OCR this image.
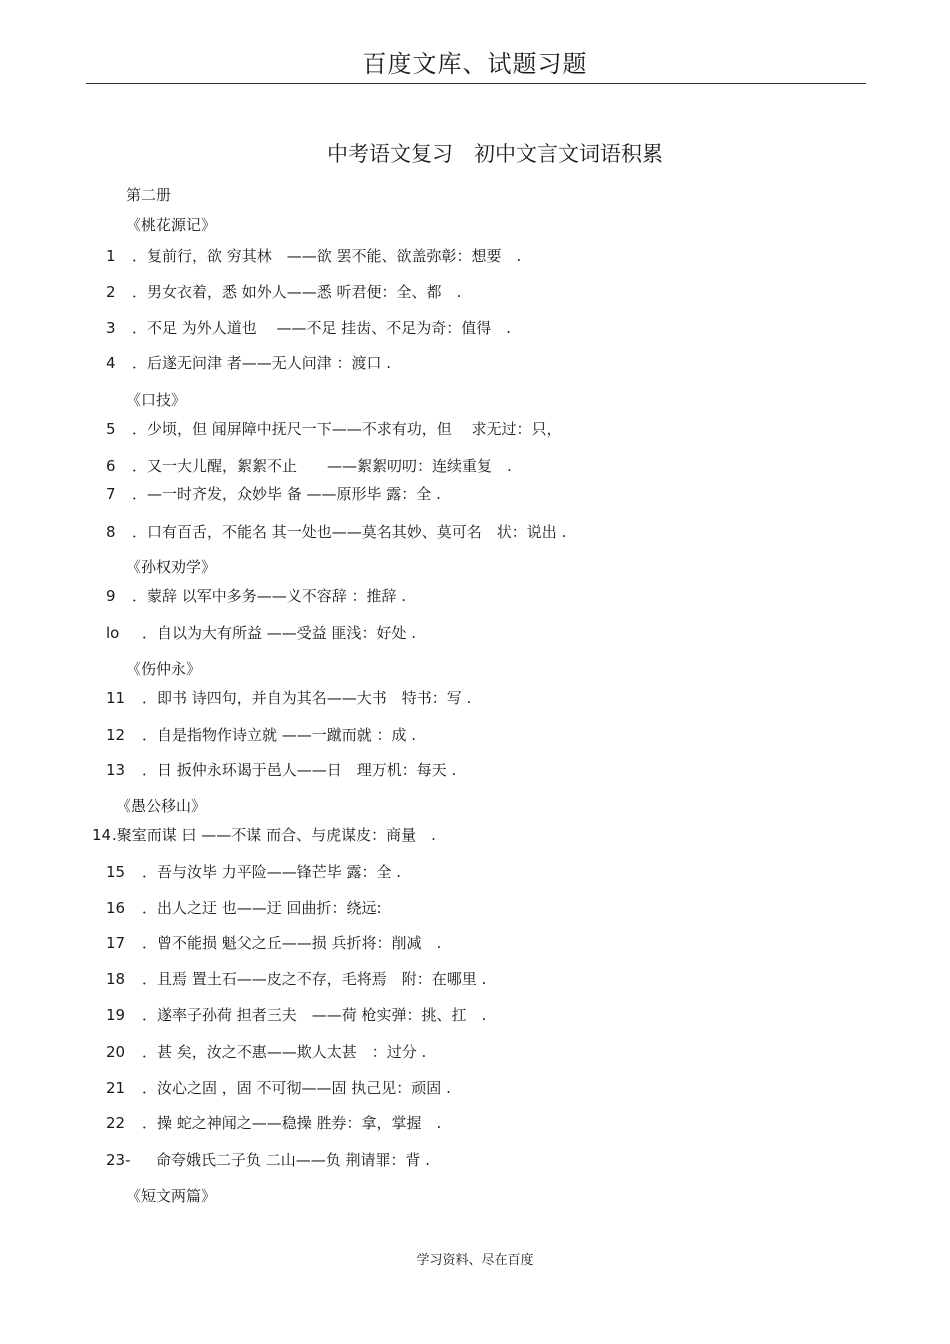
百度文库、试题习题
中考语文复习　初中文言文词语积累
第二册
《桃花源记》
《口技》
《孙权劝学》
《伤仲永》
《愚公移山》
《短文两篇》
1 ．复前行，欲 穷其林　——欲 罢不能、欲盖弥彰：想要　.
2 ．男女衣着，悉 如外人——悉 听君便：全、都　.
3 ．不足 为外人道也　 ——不足 挂齿、不足为奇：值得　.
4 ．后遂无问津 者——无人问津 ：渡口 .
5 ．少顷，但 闻屏障中抚尺一下——不求有功，但　 求无过：只，
6 ．又一大儿醒，絮絮不止　　——絮絮叨叨：连续重复　.
7 ．—一时齐发，众妙毕 备 ——原形毕 露：全 .
8 ．口有百舌，不能名 其一处也——莫名其妙、莫可名　状：说出 .
9 ．蒙辞 以军中多务——义不容辞 ：推辞 .
lo ．自以为大有所益 ——受益 匪浅：好处 .
11 ．即书 诗四句，并自为其名——大书　特书：写 .
12 ．自是指物作诗立就 ——一蹴而就 ：成 .
13 ．日 扳仲永环谒于邑人——日　理万机：每天 .
14.聚室而谋 曰 ——不谋 而合、与虎谋皮：商量　.
15 ．吾与汝毕 力平险——锋芒毕 露：全 .
16 ．出人之迂 也——迂 回曲折：绕远:
17 ．曾不能损 魁父之丘——损 兵折将：削减　.
18 ．且焉 置土石——皮之不存，毛将焉　附：在哪里 .
19 ．遂率子孙荷 担者三夫　——荷 枪实弹：挑、扛　.
20 ．甚 矣，汝之不惠——欺人太甚　：过分 .
21 ．汝心之固 ，固 不可彻——固 执己见：顽固 .
22 ．操 蛇之神闻之——稳操 胜券：拿，掌握　.
23- 命夸娥氏二子负 二山——负 荆请罪：背 .
学习资料、尽在百度
